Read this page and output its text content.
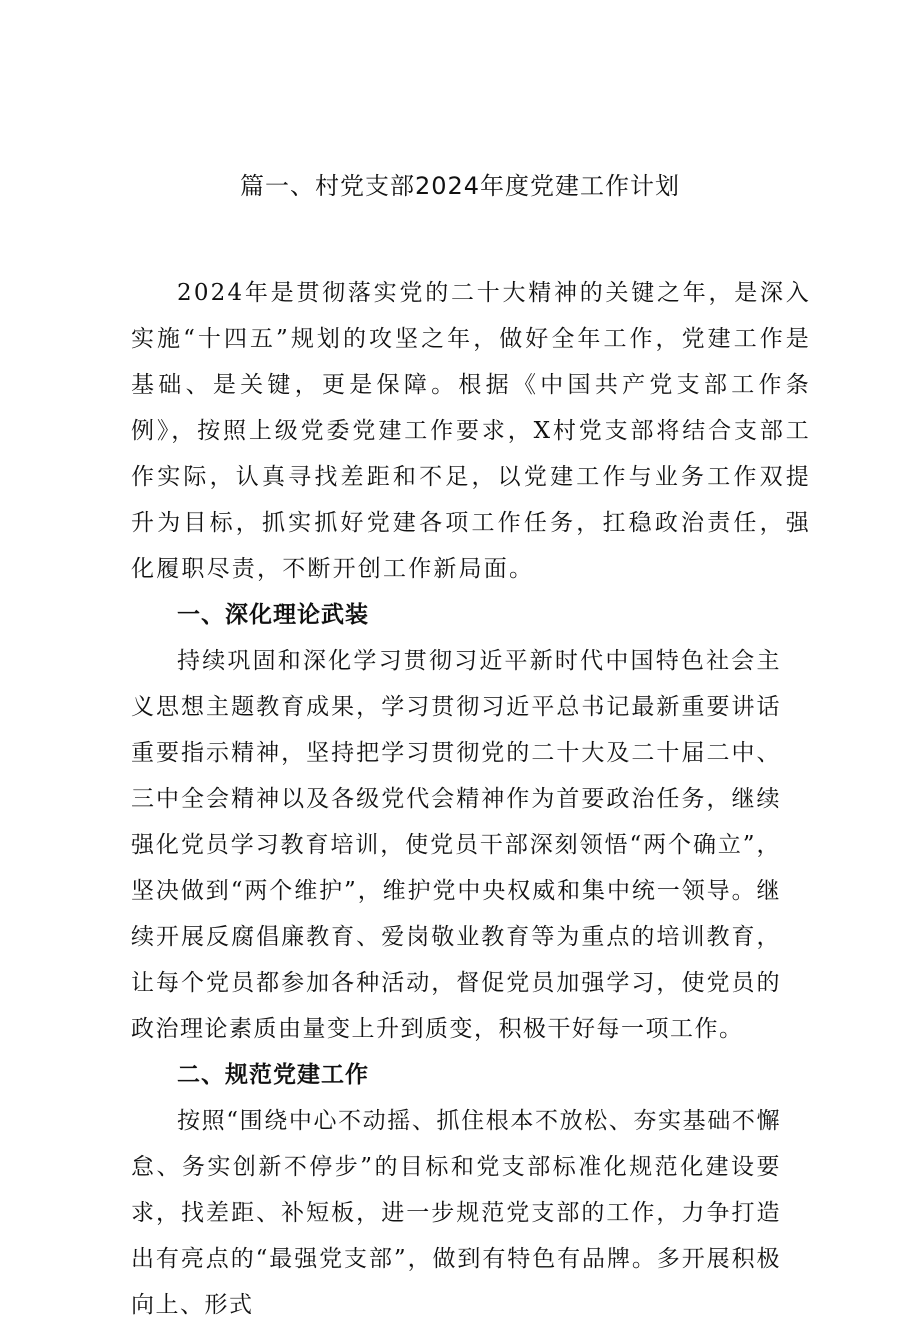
篇一、村党支部2024年度党建工作计划

2024年是贯彻落实党的二十大精神的关键之年，是深入实施“十四五”规划的攻坚之年，做好全年工作，党建工作是基础、是关键，更是保障。根据《中国共产党支部工作条例》，按照上级党委党建工作要求，X村党支部将结合支部工作实际，认真寻找差距和不足，以党建工作与业务工作双提升为目标，抓实抓好党建各项工作任务，扛稳政治责任，强化履职尽责，不断开创工作新局面。

一、深化理论武装

持续巩固和深化学习贯彻习近平新时代中国特色社会主义思想主题教育成果，学习贯彻习近平总书记最新重要讲话重要指示精神，坚持把学习贯彻党的二十大及二十届二中、三中全会精神以及各级党代会精神作为首要政治任务，继续强化党员学习教育培训，使党员干部深刻领悟“两个确立”，坚决做到“两个维护”，维护党中央权威和集中统一领导。继续开展反腐倡廉教育、爱岗敬业教育等为重点的培训教育，让每个党员都参加各种活动，督促党员加强学习，使党员的政治理论素质由量变上升到质变，积极干好每一项工作。

二、规范党建工作

按照“围绕中心不动摇、抓住根本不放松、夯实基础不懈怠、务实创新不停步”的目标和党支部标准化规范化建设要求，找差距、补短板，进一步规范党支部的工作，力争打造出有亮点的“最强党支部”，做到有特色有品牌。多开展积极向上、形式
